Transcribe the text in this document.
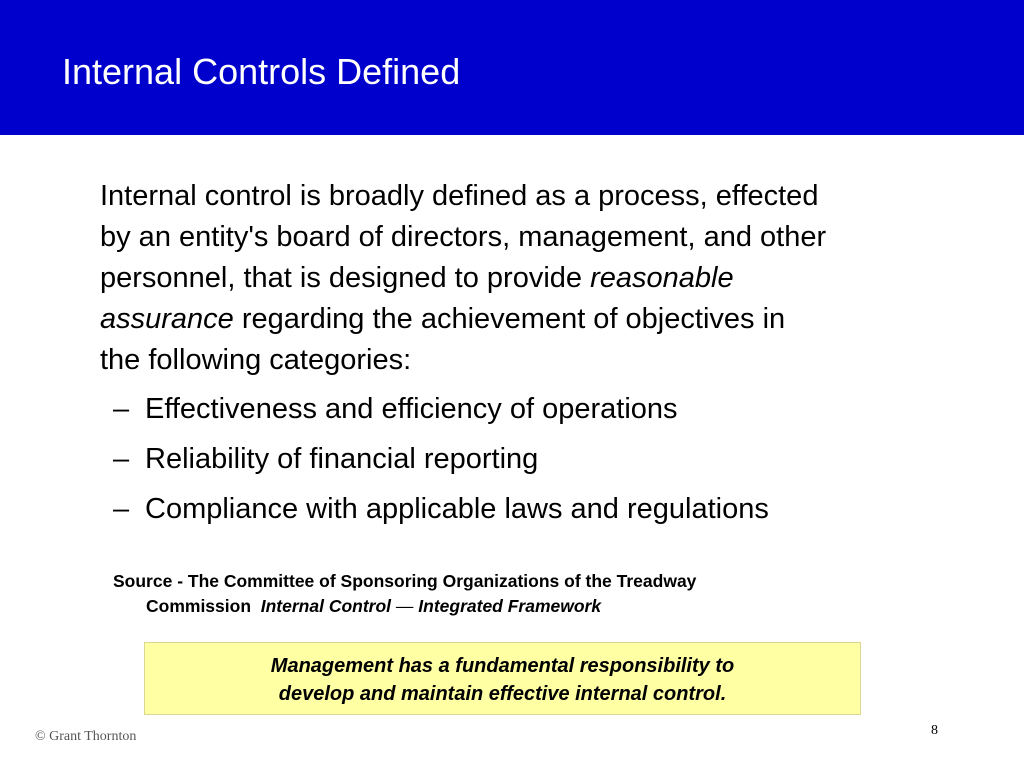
Internal Controls Defined
Internal control is broadly defined as a process, effected
by an entity's board of directors, management, and other
personnel, that is designed to provide reasonable
assurance regarding the achievement of objectives in
the following categories:
– Effectiveness and efficiency of operations
– Reliability of financial reporting
– Compliance with applicable laws and regulations
Source - The Committee of Sponsoring Organizations of the Treadway
Commission  Internal Control — Integrated Framework
Management has a fundamental responsibility to
develop and maintain effective internal control.
© Grant Thornton	8
